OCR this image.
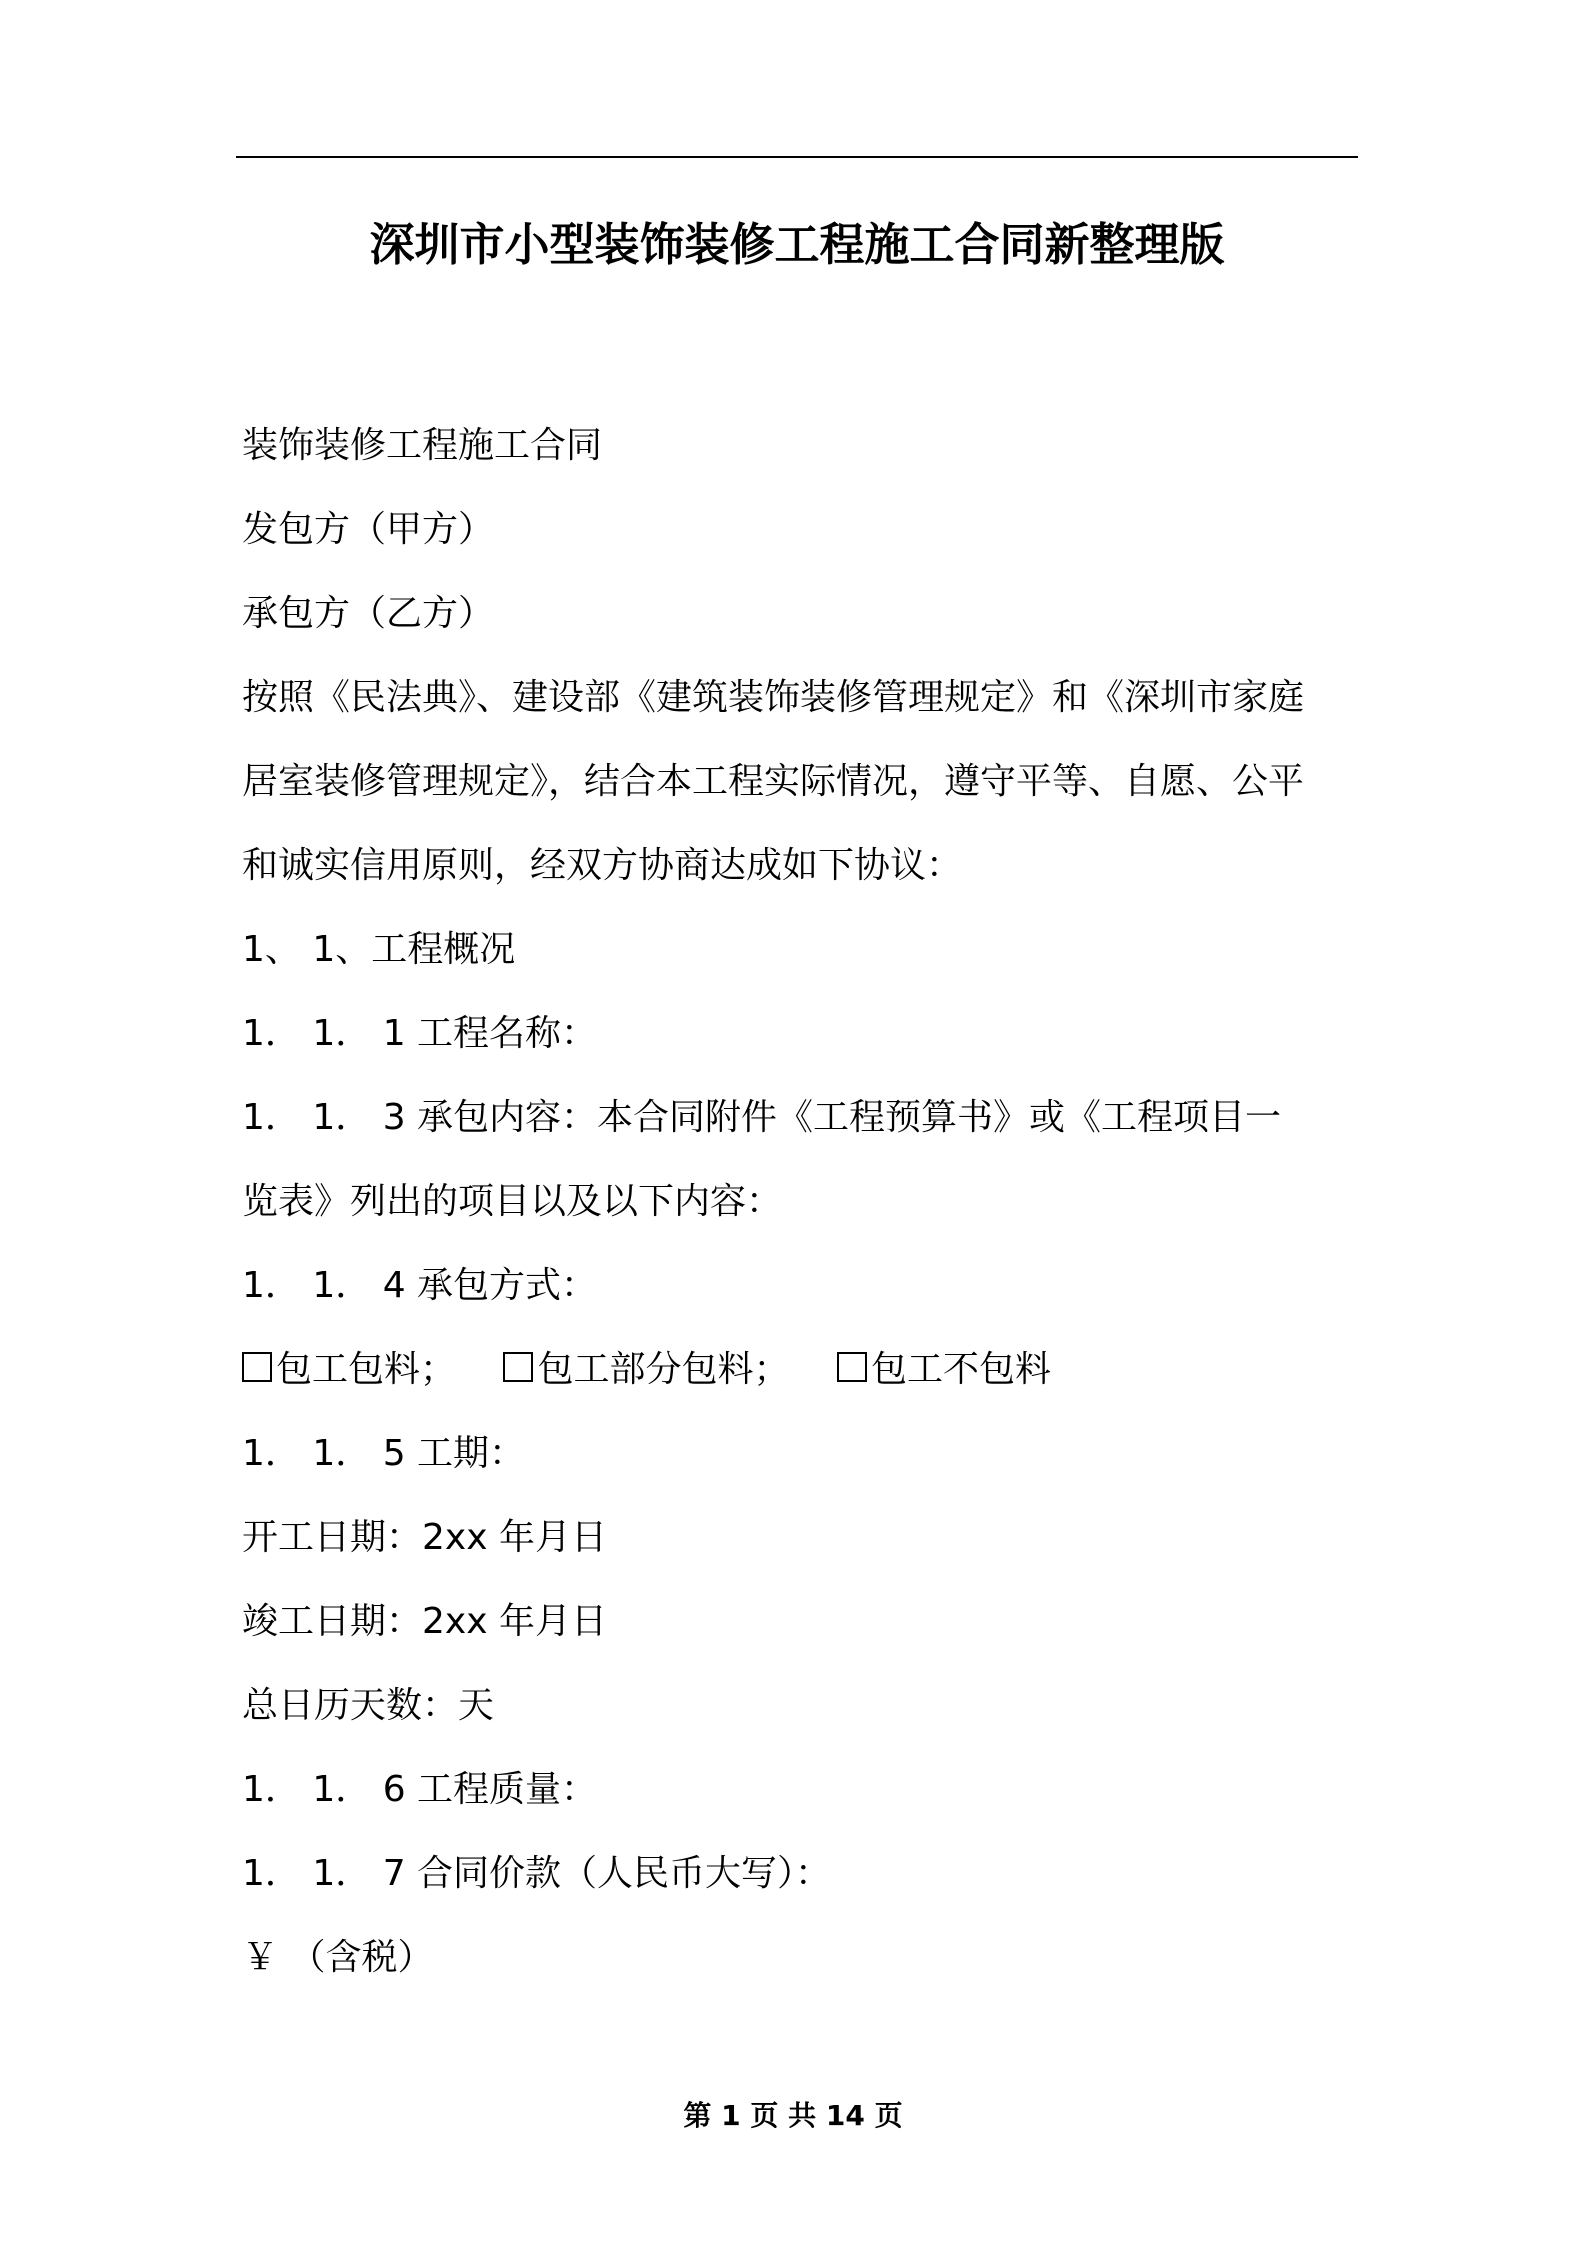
深圳市小型装饰装修工程施工合同新整理版
装饰装修工程施工合同
发包方（甲方）
承包方（乙方）
按照《民法典》、建设部《建筑装饰装修管理规定》和《深圳市家庭
居室装修管理规定》，结合本工程实际情况，遵守平等、自愿、公平
和诚实信用原则，经双方协商达成如下协议：
1、 1、工程概况
1． 1． 1 工程名称：
1． 1． 3 承包内容：本合同附件《工程预算书》或《工程项目一
览表》列出的项目以及以下内容：
1． 1． 4 承包方式：
包工包料； 包工部分包料； 包工不包料
1． 1． 5 工期：
开工日期：2xx 年月日
竣工日期：2xx 年月日
总日历天数：天
1． 1． 6 工程质量：
1． 1． 7 合同价款（人民币大写）：
￥ （含税）
第 1 页 共 14 页
